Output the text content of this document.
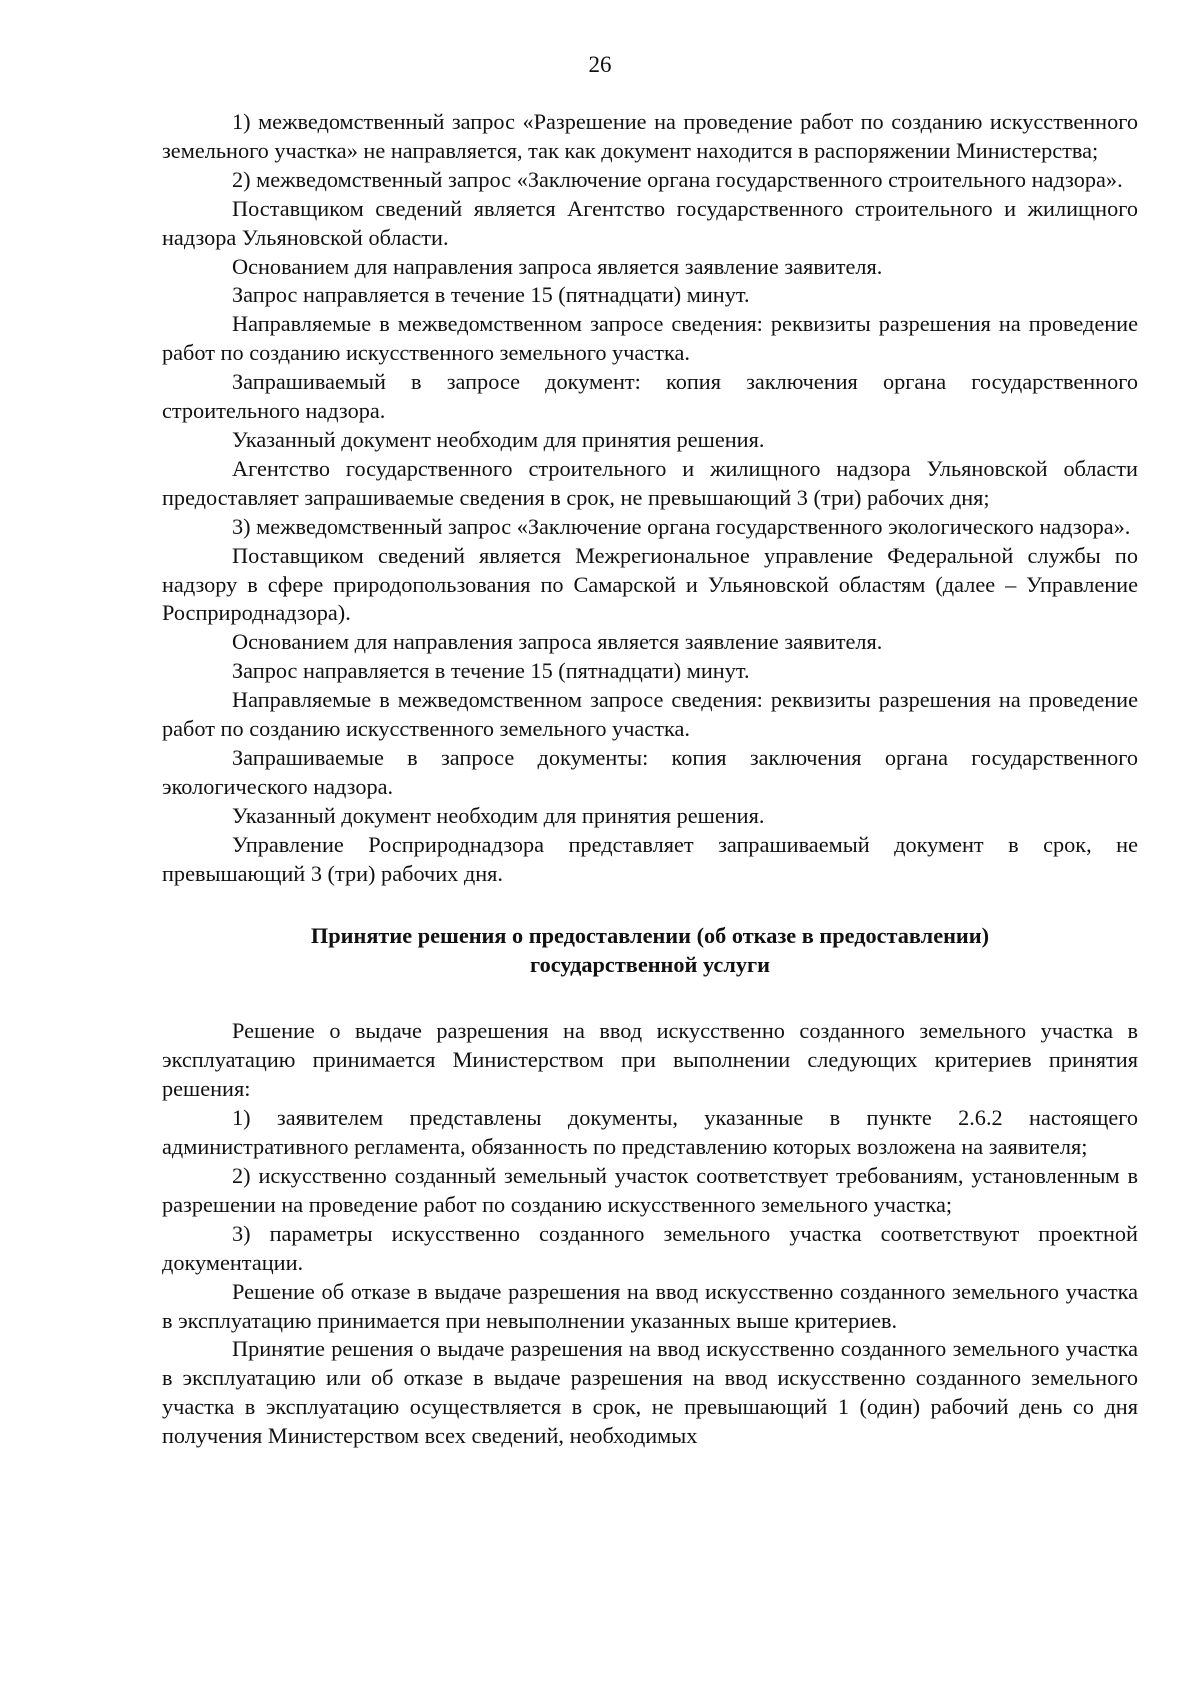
26

1) межведомственный запрос «Разрешение на проведение работ по созданию искусственного земельного участка» не направляется, так как документ находится в распоряжении Министерства;

2) межведомственный запрос «Заключение органа государственного строительного надзора».

Поставщиком сведений является Агентство государственного строительного и жилищного надзора Ульяновской области.

Основанием для направления запроса является заявление заявителя.

Запрос направляется в течение 15 (пятнадцати) минут.

Направляемые в межведомственном запросе сведения: реквизиты разрешения на проведение работ по созданию искусственного земельного участка.

Запрашиваемый в запросе документ: копия заключения органа государственного строительного надзора.

Указанный документ необходим для принятия решения.

Агентство государственного строительного и жилищного надзора Ульяновской области предоставляет запрашиваемые сведения в срок, не превышающий 3 (три) рабочих дня;

3) межведомственный запрос «Заключение органа государственного экологического надзора».

Поставщиком сведений является Межрегиональное управление Федеральной службы по надзору в сфере природопользования по Самарской и Ульяновской областям (далее – Управление Росприроднадзора).

Основанием для направления запроса является заявление заявителя.

Запрос направляется в течение 15 (пятнадцати) минут.

Направляемые в межведомственном запросе сведения: реквизиты разрешения на проведение работ по созданию искусственного земельного участка.

Запрашиваемые в запросе документы: копия заключения органа государственного экологического надзора.

Указанный документ необходим для принятия решения.

Управление Росприроднадзора представляет запрашиваемый документ в срок, не превышающий 3 (три) рабочих дня.

Принятие решения о предоставлении (об отказе в предоставлении)
государственной услуги

Решение о выдаче разрешения на ввод искусственно созданного земельного участка в эксплуатацию принимается Министерством при выполнении следующих критериев принятия решения:

1) заявителем представлены документы, указанные в пункте 2.6.2 настоящего административного регламента, обязанность по представлению которых возложена на заявителя;

2) искусственно созданный земельный участок соответствует требованиям, установленным в разрешении на проведение работ по созданию искусственного земельного участка;

3) параметры искусственно созданного земельного участка соответствуют проектной документации.

Решение об отказе в выдаче разрешения на ввод искусственно созданного земельного участка в эксплуатацию принимается при невыполнении указанных выше критериев.

Принятие решения о выдаче разрешения на ввод искусственно созданного земельного участка в эксплуатацию или об отказе в выдаче разрешения на ввод искусственно созданного земельного участка в эксплуатацию осуществляется в срок, не превышающий 1 (один) рабочий день со дня получения Министерством всех сведений, необходимых
